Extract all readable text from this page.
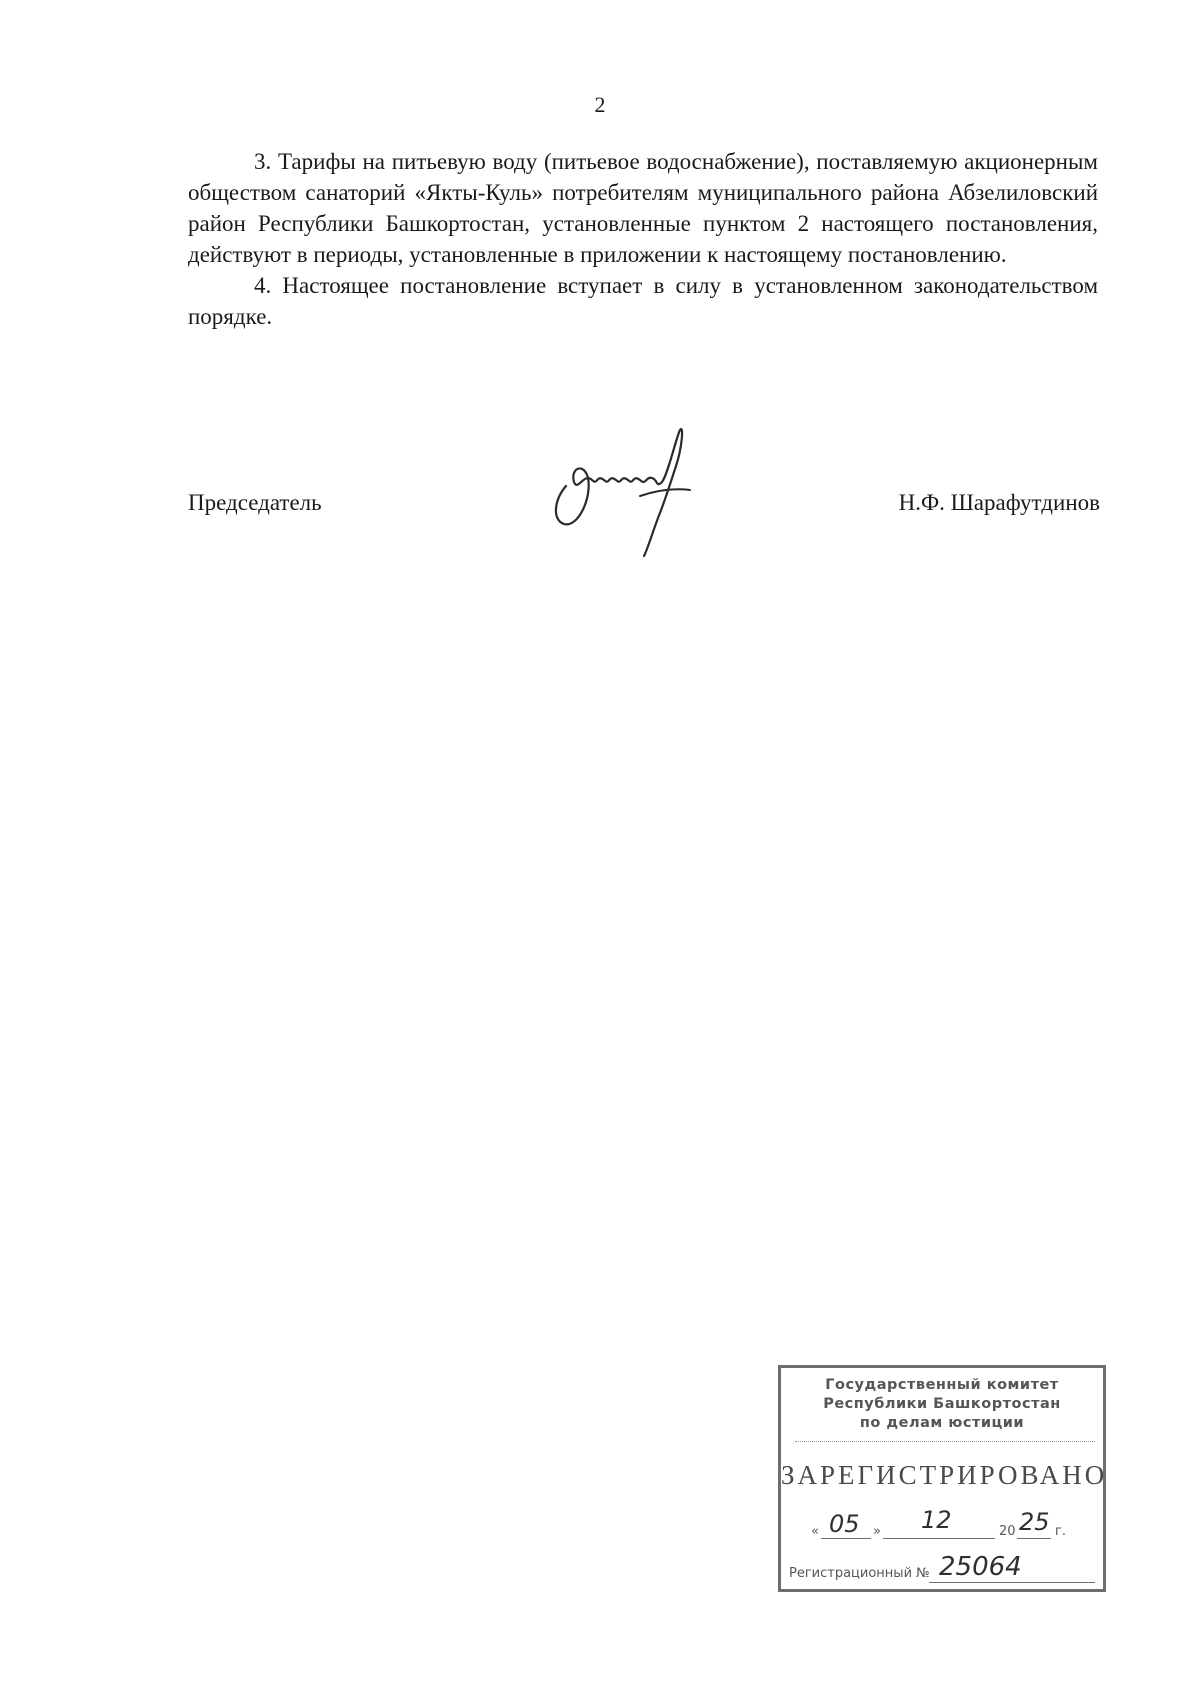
2

3. Тарифы на питьевую воду (питьевое водоснабжение), поставляемую акционерным обществом санаторий «Якты-Куль» потребителям муниципального района Абзелиловский район Республики Башкортостан, установленные пунктом 2 настоящего постановления, действуют в периоды, установленные в приложении к настоящему постановлению.

4. Настоящее постановление вступает в силу в установленном законодательством порядке.

Председатель	Н.Ф. Шарафутдинов
Государственный комитет
Республики Башкортостан
по делам юстиции
ЗАРЕГИСТРИРОВАНО
« 05 » 12	20 25 г.
Регистрационный № 25064
